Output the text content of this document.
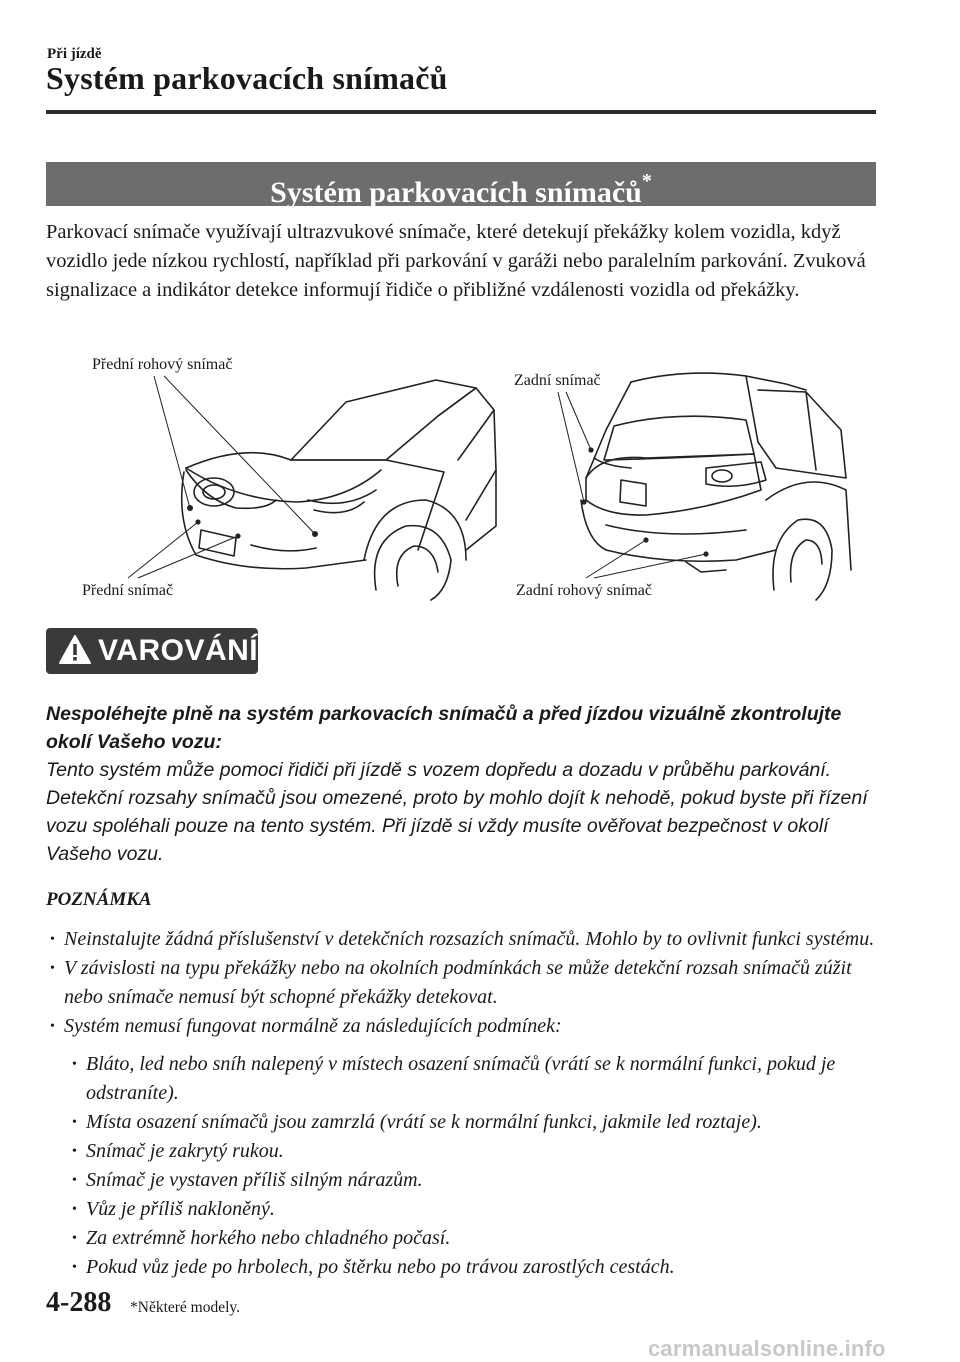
Při jízdě
Systém parkovacích snímačů
Systém parkovacích snímačů*

Parkovací snímače využívají ultrazvukové snímače, které detekují překážky kolem vozidla, když vozidlo jede nízkou rychlostí, například při parkování v garáži nebo paralelním parkování. Zvuková signalizace a indikátor detekce informují řidiče o přibližné vzdálenosti vozidla od překážky.

Přední rohový snímač
Přední snímač
Zadní snímač
Zadní rohový snímač
VAROVÁNÍ

Nespoléhejte plně na systém parkovacích snímačů a před jízdou vizuálně zkontrolujte okolí Vašeho vozu:

Tento systém může pomoci řidiči při jízdě s vozem dopředu a dozadu v průběhu parkování. Detekční rozsahy snímačů jsou omezené, proto by mohlo dojít k nehodě, pokud byste při řízení vozu spoléhali pouze na tento systém. Při jízdě si vždy musíte ověřovat bezpečnost v okolí Vašeho vozu.

POZNÁMKA
• Neinstalujte žádná příslušenství v detekčních rozsazích snímačů. Mohlo by to ovlivnit funkci systému.
• V závislosti na typu překážky nebo na okolních podmínkách se může detekční rozsah snímačů zúžit nebo snímače nemusí být schopné překážky detekovat.
• Systém nemusí fungovat normálně za následujících podmínek:
• Bláto, led nebo sníh nalepený v místech osazení snímačů (vrátí se k normální funkci, pokud je odstraníte).
• Místa osazení snímačů jsou zamrzlá (vrátí se k normální funkci, jakmile led roztaje).
• Snímač je zakrytý rukou.
• Snímač je vystaven příliš silným nárazům.
• Vůz je příliš nakloněný.
• Za extrémně horkého nebo chladného počasí.
• Pokud vůz jede po hrbolech, po štěrku nebo po trávou zarostlých cestách.
4-288 *Některé modely.
carmanualsonline.info
